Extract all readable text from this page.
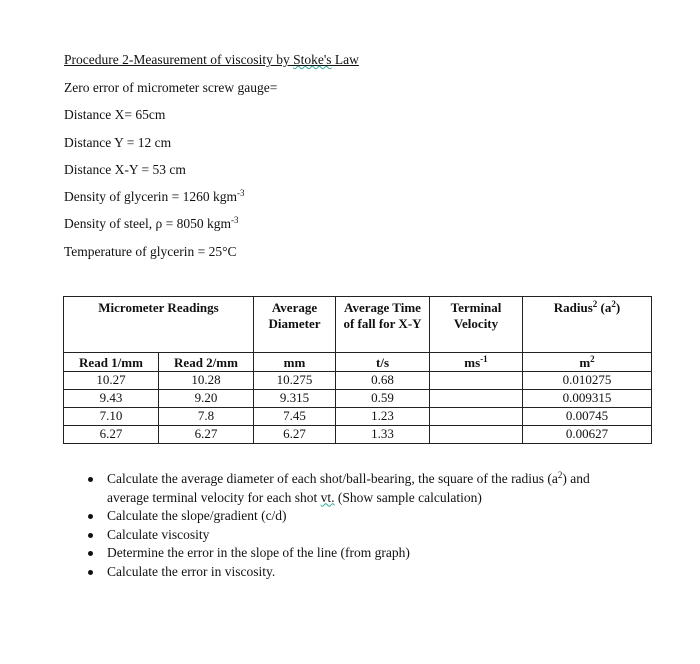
Procedure 2-Measurement of viscosity by Stoke's Law
Zero error of micrometer screw gauge=
Distance X= 65cm
Distance Y = 12 cm
Distance X-Y = 53 cm
Density of glycerin = 1260 kgm$^{-3}$
Density of steel, ρ = 8050 kgm$^{-3}$
Temperature of glycerin = 25°C
Micrometer Readings		Average Diameter	Average Time of fall for X-Y	Terminal Velocity	Radius$^2$ $(a^2)$
Read 1/mm	Read 2/mm	mm	t/s	$ms^{-1}$	$m^2$
10.27	10.28	10.275	0.68		0.010275
9.43	9.20	9.315	0.59		0.009315
7.10	7.8	7.45	1.23		0.00745
6.27	6.27	6.27	1.33		0.00627
Calculate the average diameter of each shot/ball-bearing, the square of the radius $(a^2)$ and average terminal velocity for each shot vt. (Show sample calculation)
Calculate the slope/gradient (c/d)
Calculate viscosity
Determine the error in the slope of the line (from graph)
Calculate the error in viscosity.
